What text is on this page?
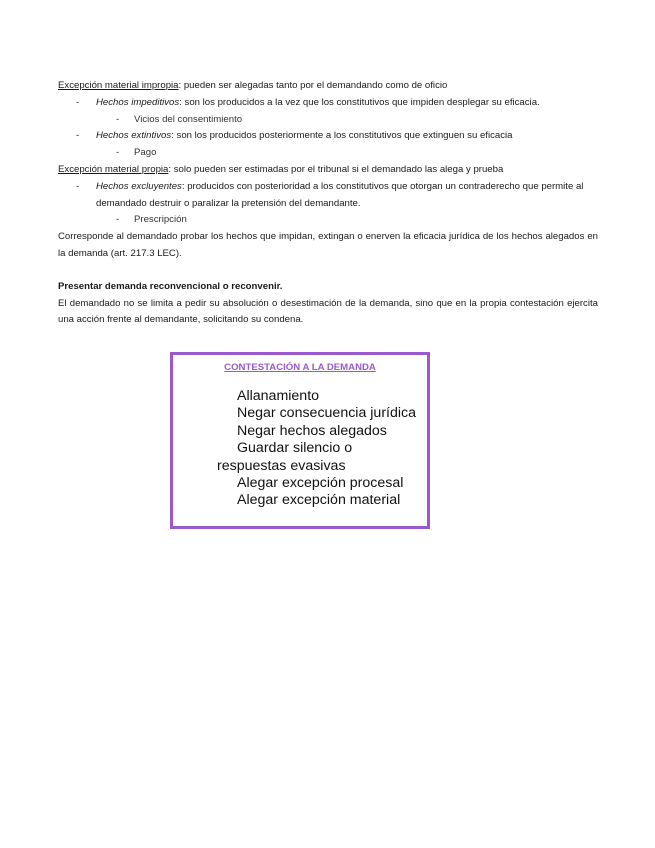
Excepción material impropia: pueden ser alegadas tanto por el demandando como de oficio
- Hechos impeditivos: son los producidos a la vez que los constitutivos que impiden desplegar su eficacia.
- Vicios del consentimiento
- Hechos extintivos: son los producidos posteriormente a los constitutivos que extinguen su eficacia
- Pago
Excepción material propia: solo pueden ser estimadas por el tribunal si el demandado las alega y prueba
- Hechos excluyentes: producidos con posterioridad a los constitutivos que otorgan un contraderecho que permite al demandado destruir o paralizar la pretensión del demandante.
- Prescripción
Corresponde al demandado probar los hechos que impidan, extingan o enerven la eficacia jurídica de los hechos alegados en la demanda (art. 217.3 LEC).
Presentar demanda reconvencional o reconvenir.
El demandado no se limita a pedir su absolución o desestimación de la demanda, sino que en la propia contestación ejercita una acción frente al demandante, solicitando su condena.
CONTESTACIÓN A LA DEMANDA
Allanamiento
Negar consecuencia jurídica
Negar hechos alegados
Guardar silencio o respuestas evasivas
Alegar excepción procesal
Alegar excepción material
